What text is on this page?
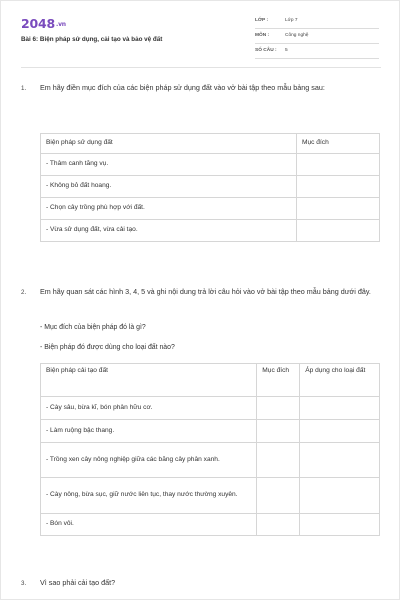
2048.vn
Bài 6: Biện pháp sử dụng, cải tạo và bảo vệ đất
LỚP :	Lớp 7
MÔN :	Công nghệ
SỐ CÂU : 5
1. Em hãy điền mục đích của các biện pháp sử dụng đất vào vở bài tập theo mẫu bảng sau:
Biện pháp sử dụng đất	Mục đích
- Thâm canh tăng vụ.	
- Không bỏ đất hoang.	
- Chọn cây trồng phù hợp với đất.	
- Vừa sử dụng đất, vừa cải tạo.	
2. Em hãy quan sát các hình 3, 4, 5 và ghi nội dung trả lời câu hỏi vào vở bài tập theo mẫu bảng dưới đây.
- Mục đích của biện pháp đó là gì?
- Biện pháp đó được dùng cho loại đất nào?
Biện pháp cải tạo đất	Mục đích	Áp dụng cho loại đất
- Cày sâu, bừa kĩ, bón phân hữu cơ.		
- Làm ruộng bậc thang.		
- Trồng xen cây nông nghiệp giữa các băng cây phân xanh.		
- Cày nông, bừa sục, giữ nước liên tục, thay nước thường xuyên.		
- Bón vôi.		
3. Vì sao phải cải tạo đất?
